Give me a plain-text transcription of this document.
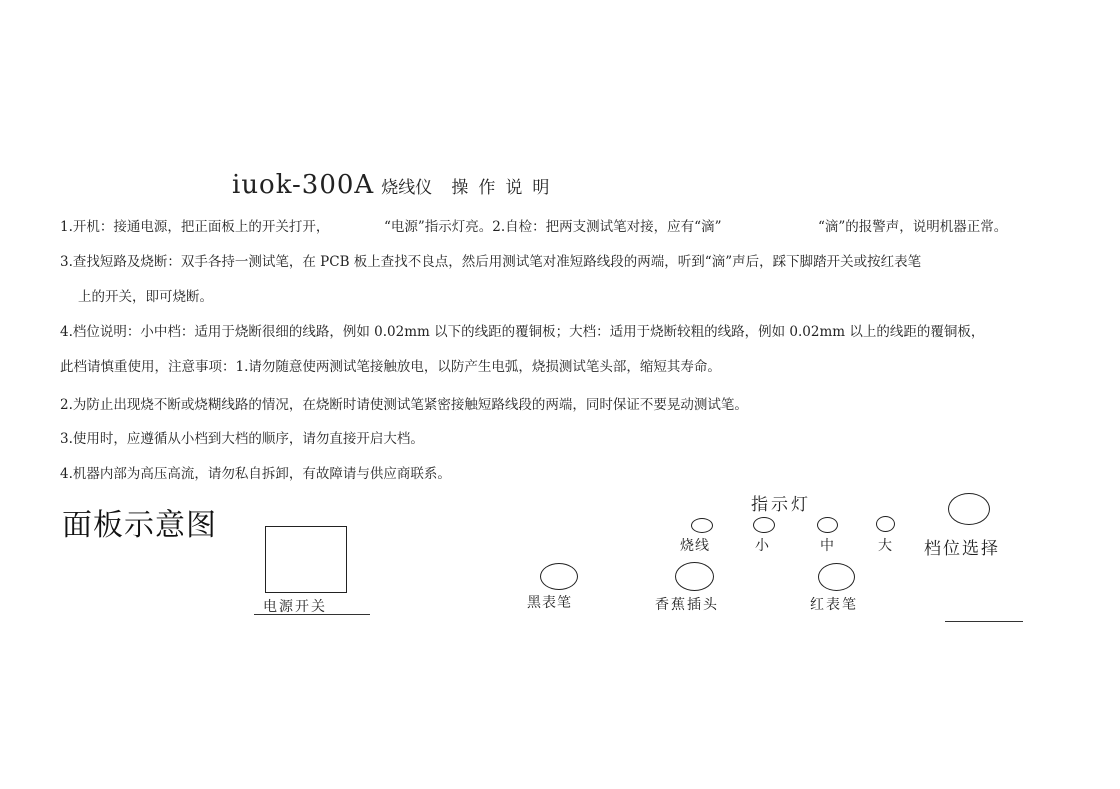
iuok-300A 烧线仪 操作说明
1.开机：接通电源，把正面板上的开关打开，	“电源”指示灯亮。2.自检：把两支测试笔对接，应有“滴”	“滴”的报警声，说明机器正常。
3.查找短路及烧断：双手各持一测试笔，在 PCB 板上查找不良点，然后用测试笔对准短路线段的两端，听到“滴”声后，踩下脚踏开关或按红表笔
上的开关，即可烧断。
4.档位说明：小中档：适用于烧断很细的线路，例如 0.02mm 以下的线距的覆铜板；大档：适用于烧断较粗的线路，例如 0.02mm 以上的线距的覆铜板，
此档请慎重使用，注意事项：1.请勿随意使两测试笔接触放电，以防产生电弧，烧损测试笔头部，缩短其寿命。
2.为防止出现烧不断或烧糊线路的情况，在烧断时请使测试笔紧密接触短路线段的两端，同时保证不要晃动测试笔。
3.使用时，应遵循从小档到大档的顺序，请勿直接开启大档。
4.机器内部为高压高流，请勿私自拆卸，有故障请与供应商联系。
面板示意图
电源开关
指示灯
烧线	小	中	大 档位选择
黑表笔	香蕉插头	红表笔
